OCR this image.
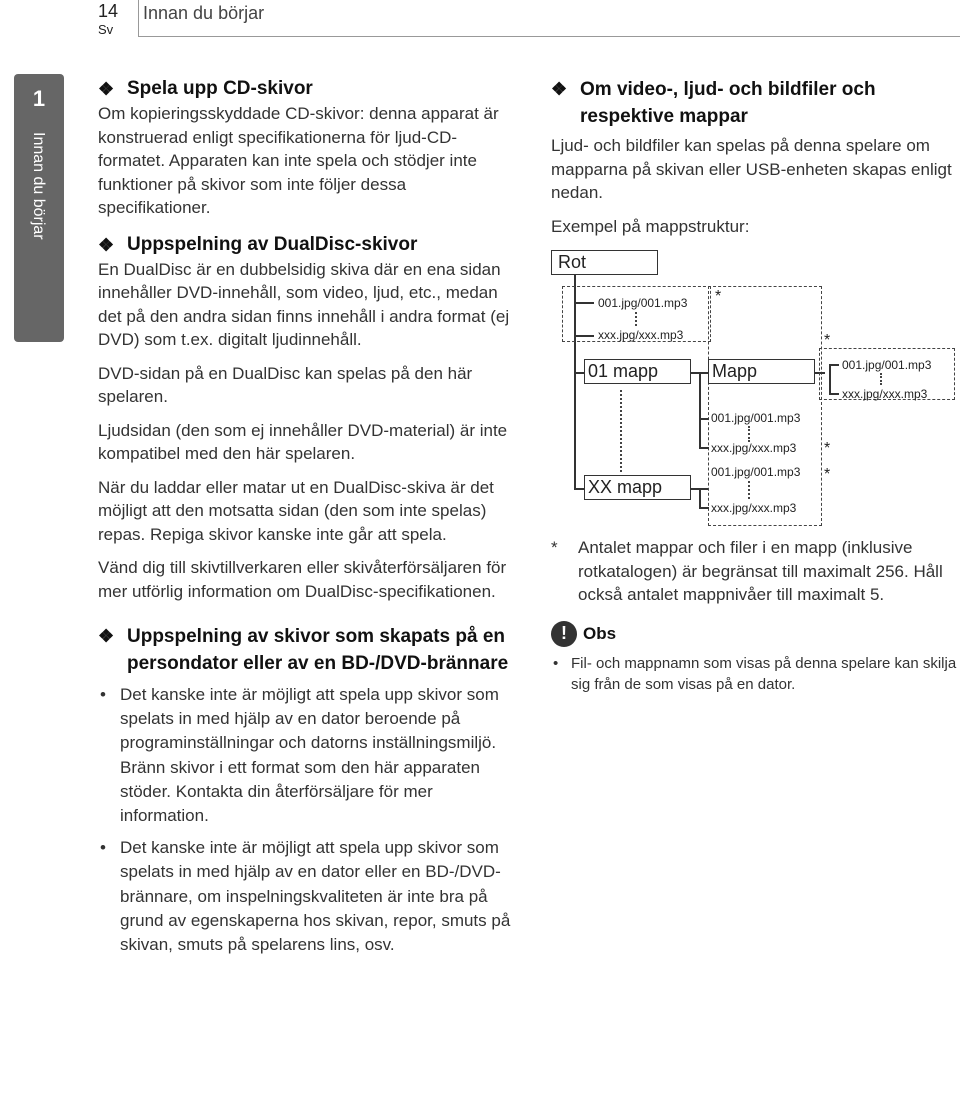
14
Sv
Innan du börjar
1
Innan du börjar
❖ Spela upp CD-skivor

Om kopieringsskyddade CD-skivor: denna apparat är konstruerad enligt specifikationerna för ljud-CD-formatet. Apparaten kan inte spela och stödjer inte funktioner på skivor som inte följer dessa specifikationer.

❖ Uppspelning av DualDisc-skivor

En DualDisc är en dubbelsidig skiva där en ena sidan innehåller DVD-innehåll, som video, ljud, etc., medan det på den andra sidan finns innehåll i andra format (ej DVD) som t.ex. digitalt ljudinnehåll.

DVD-sidan på en DualDisc kan spelas på den här spelaren.

Ljudsidan (den som ej innehåller DVD-material) är inte kompatibel med den här spelaren.

När du laddar eller matar ut en DualDisc-skiva är det möjligt att den motsatta sidan (den som inte spelas) repas. Repiga skivor kanske inte går att spela.

Vänd dig till skivtillverkaren eller skivåterförsäljaren för mer utförlig information om DualDisc-specifikationen.

❖ Uppspelning av skivor som skapats på en persondator eller av en BD-/DVD-brännare
• Det kanske inte är möjligt att spela upp skivor som spelats in med hjälp av en dator beroende på programinställningar och datorns inställningsmiljö. Bränn skivor i ett format som den här apparaten stöder. Kontakta din återförsäljare för mer information.
• Det kanske inte är möjligt att spela upp skivor som spelats in med hjälp av en dator eller en BD-/DVD-brännare, om inspelningskvaliteten är inte bra på grund av egenskaperna hos skivan, repor, smuts på skivan, smuts på spelarens lins, osv.
❖ Om video-, ljud- och bildfiler och respektive mappar

Ljud- och bildfiler kan spelas på denna spelare om mapparna på skivan eller USB-enheten skapas enligt nedan.

Exempel på mappstruktur:

Rot
001.jpg/001.mp3
xxx.jpg/xxx.mp3
*
01 mapp
XX mapp
Mapp
001.jpg/001.mp3
xxx.jpg/xxx.mp3 *
001.jpg/001.mp3
xxx.jpg/xxx.mp3
*
*
001.jpg/001.mp3
xxx.jpg/xxx.mp3
* Antalet mappar och filer i en mapp (inklusive rotkatalogen) är begränsat till maximalt 256. Håll också antalet mappnivåer till maximalt 5.
! Obs
• Fil- och mappnamn som visas på denna spelare kan skilja sig från de som visas på en dator.
